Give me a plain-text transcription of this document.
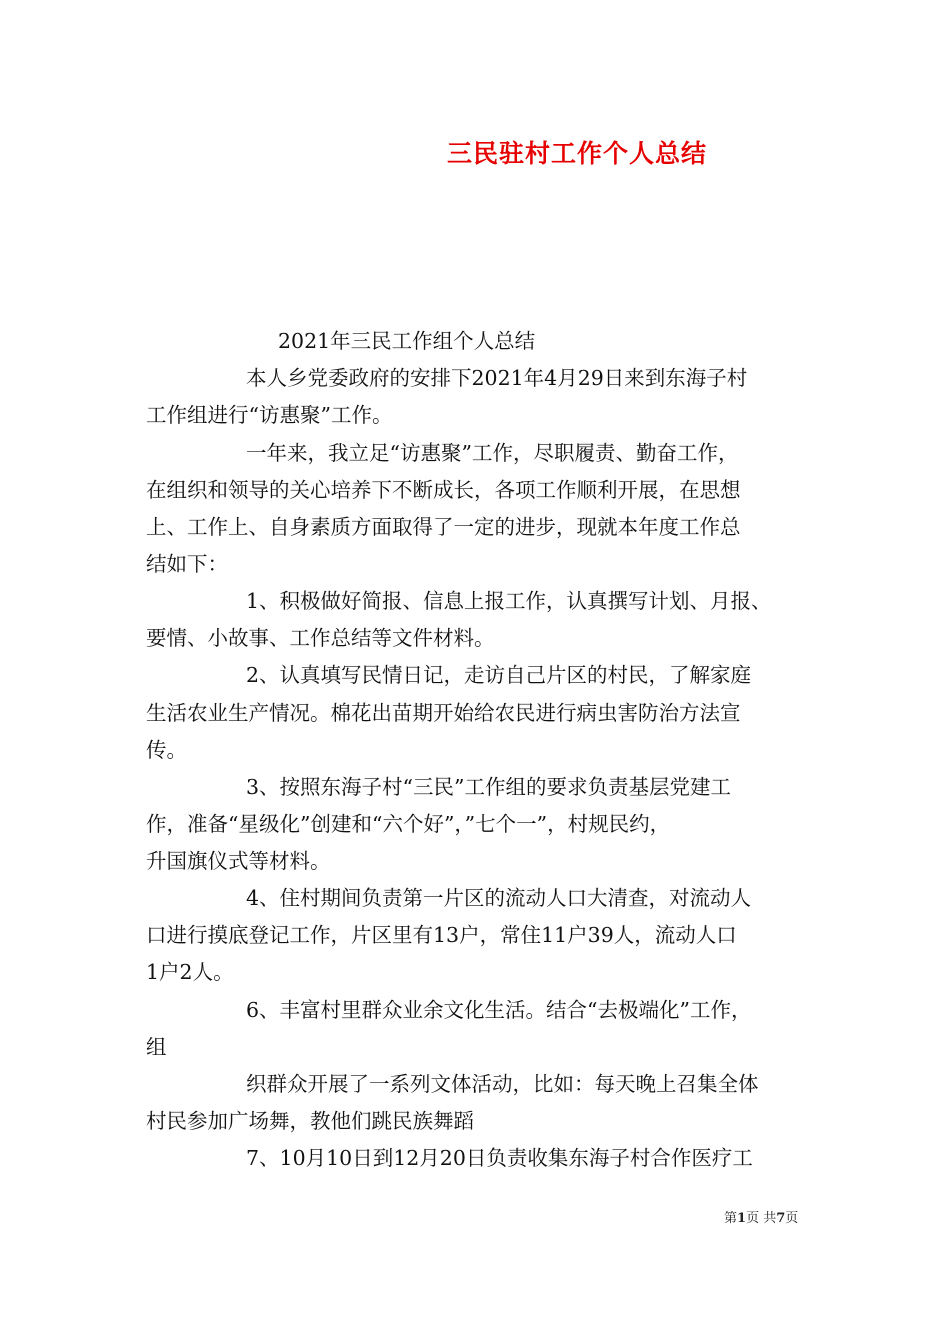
三民驻村工作个人总结
2021年三民工作组个人总结
本人乡党委政府的安排下2021年4月29日来到东海子村
工作组进行“访惠聚”工作。
一年来，我立足“访惠聚”工作，尽职履责、勤奋工作，
在组织和领导的关心培养下不断成长，各项工作顺利开展，在思想
上、工作上、自身素质方面取得了一定的进步，现就本年度工作总
结如下：
1、积极做好简报、信息上报工作，认真撰写计划、月报、
要情、小故事、工作总结等文件材料。
2、认真填写民情日记，走访自己片区的村民，了解家庭
生活农业生产情况。棉花出苗期开始给农民进行病虫害防治方法宣
传。
3、按照东海子村“三民”工作组的要求负责基层党建工
作，准备“星级化”创建和“六个好”，”七个一”，村规民约，
升国旗仪式等材料。
4、住村期间负责第一片区的流动人口大清查，对流动人
口进行摸底登记工作，片区里有13户，常住11户39人，流动人口
1户2人。
6、丰富村里群众业余文化生活。结合“去极端化”工作，
组
织群众开展了一系列文体活动，比如：每天晚上召集全体
村民参加广场舞，教他们跳民族舞蹈
7、10月10日到12月20日负责收集东海子村合作医疗工
第1页 共7页
